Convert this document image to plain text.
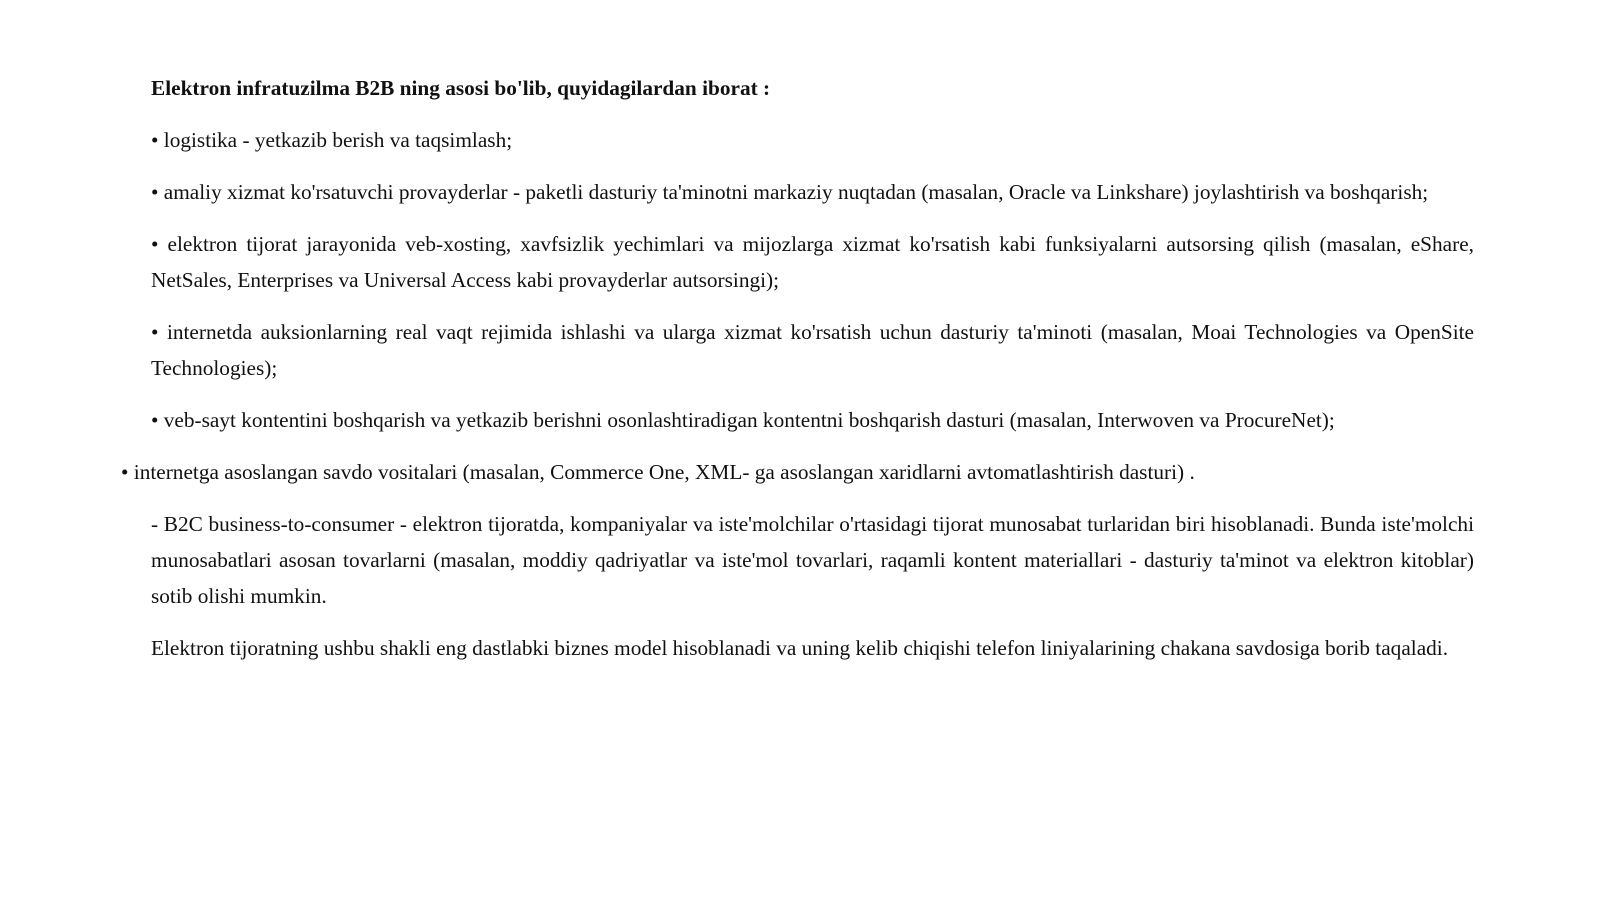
Elektron infratuzilma B2B ning asosi bo'lib, quyidagilardan iborat :

• logistika - yetkazib berish va taqsimlash;

• amaliy xizmat ko'rsatuvchi provayderlar - paketli dasturiy ta'minotni markaziy nuqtadan (masalan, Oracle va Linkshare) joylashtirish va boshqarish;

• elektron tijorat jarayonida veb-xosting, xavfsizlik yechimlari va mijozlarga xizmat ko'rsatish kabi funksiyalarni autsorsing qilish (masalan, eShare, NetSales, Enterprises va Universal Access kabi provayderlar autsorsingi);

• internetda auksionlarning real vaqt rejimida ishlashi va ularga xizmat ko'rsatish uchun dasturiy ta'minoti (masalan, Moai Technologies va OpenSite Technologies);

• veb-sayt kontentini boshqarish va yetkazib berishni osonlashtiradigan kontentni boshqarish dasturi (masalan, Interwoven va ProcureNet);

• internetga asoslangan savdo vositalari (masalan, Commerce One, XML- ga asoslangan xaridlarni avtomatlashtirish dasturi) .

- B2C business-to-consumer - elektron tijoratda, kompaniyalar va iste'molchilar o'rtasidagi tijorat munosabat turlaridan biri hisoblanadi. Bunda iste'molchi munosabatlari asosan tovarlarni (masalan, moddiy qadriyatlar va iste'mol tovarlari, raqamli kontent materiallari - dasturiy ta'minot va elektron kitoblar) sotib olishi mumkin.

Elektron tijoratning ushbu shakli eng dastlabki biznes model hisoblanadi va uning kelib chiqishi telefon liniyalarining chakana savdosiga borib taqaladi.
